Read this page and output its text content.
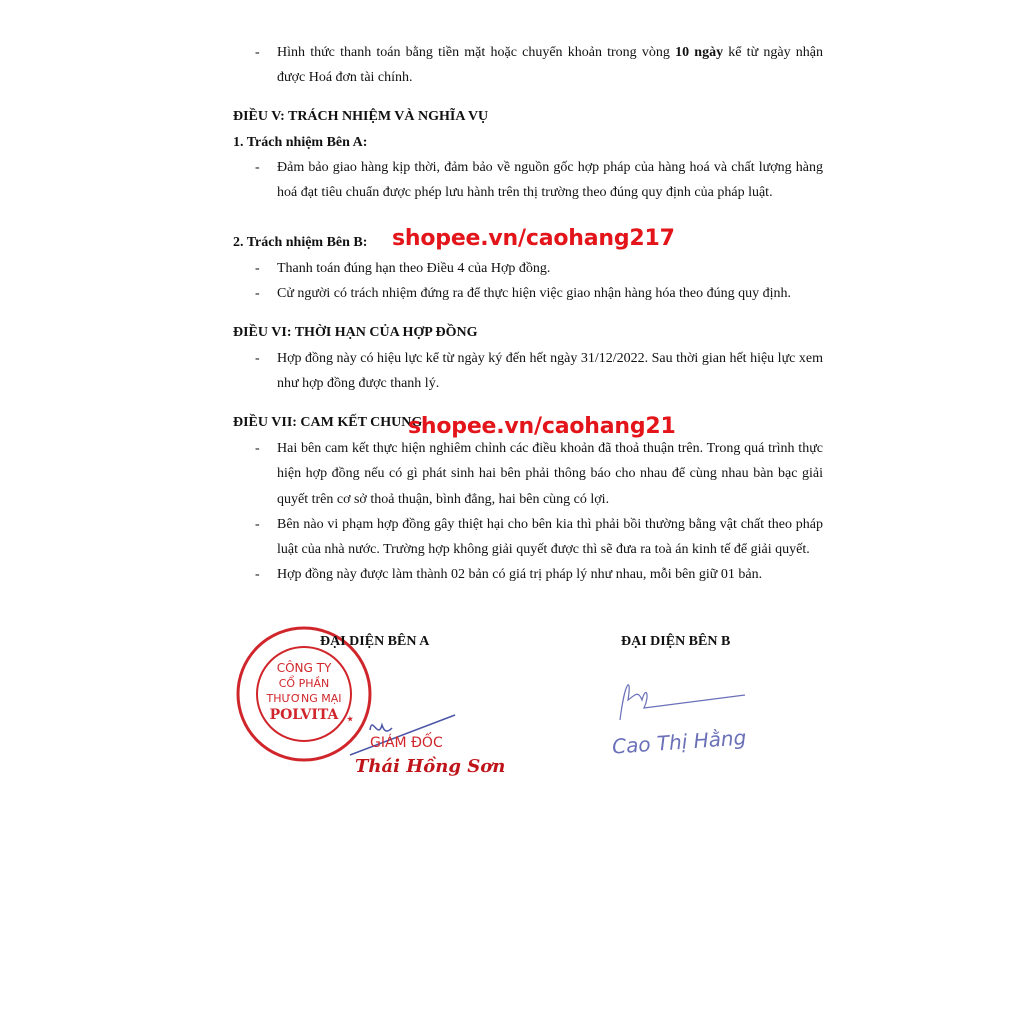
- Hình thức thanh toán bằng tiền mặt hoặc chuyển khoản trong vòng 10 ngày kể từ ngày nhận được Hoá đơn tài chính.
ĐIỀU V: TRÁCH NHIỆM VÀ NGHĨA VỤ
1. Trách nhiệm Bên A:
- Đảm bảo giao hàng kịp thời, đảm bảo về nguồn gốc hợp pháp của hàng hoá và chất lượng hàng hoá đạt tiêu chuẩn được phép lưu hành trên thị trường theo đúng quy định của pháp luật.
2. Trách nhiệm Bên B:
- Thanh toán đúng hạn theo Điều 4 của Hợp đồng.
- Cử người có trách nhiệm đứng ra để thực hiện việc giao nhận hàng hóa theo đúng quy định.
ĐIỀU VI: THỜI HẠN CỦA HỢP ĐỒNG
- Hợp đồng này có hiệu lực kể từ ngày ký đến hết ngày 31/12/2022. Sau thời gian hết hiệu lực xem như hợp đồng được thanh lý.
ĐIỀU VII: CAM KẾT CHUNG
- Hai bên cam kết thực hiện nghiêm chỉnh các điều khoản đã thoả thuận trên. Trong quá trình thực hiện hợp đồng nếu có gì phát sinh hai bên phải thông báo cho nhau để cùng nhau bàn bạc giải quyết trên cơ sở thoả thuận, bình đẳng, hai bên cùng có lợi.
- Bên nào vi phạm hợp đồng gây thiệt hại cho bên kia thì phải bồi thường bằng vật chất theo pháp luật của nhà nước. Trường hợp không giải quyết được thì sẽ đưa ra toà án kinh tế để giải quyết.
- Hợp đồng này được làm thành 02 bản có giá trị pháp lý như nhau, mỗi bên giữ 01 bản.
shopee.vn/caohang217
shopee.vn/caohang21
CÔNG TY
CỔ PHẦN
THƯƠNG MẠI
POLVITA ★
ĐẠI DIỆN BÊN A	ĐẠI DIỆN BÊN B
GIÁM ĐỐC
Thái Hồng Sơn
Cao Thị Hằng
